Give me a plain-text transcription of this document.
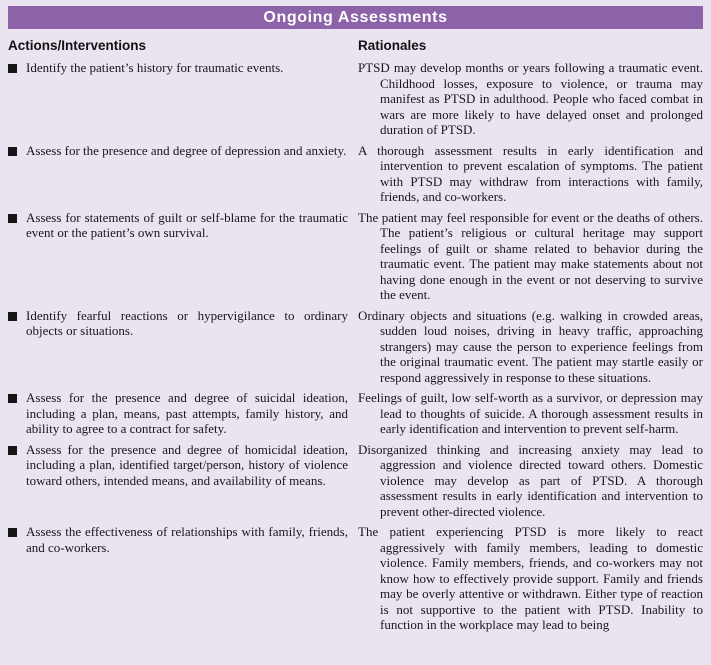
Ongoing Assessments
Actions/Interventions	Rationales

Identify the patient’s history for traumatic events.	PTSD may develop months or years following a traumatic event. Childhood losses, exposure to violence, or trauma may manifest as PTSD in adulthood. People who faced combat in wars are more likely to have delayed onset and prolonged duration of PTSD.

Assess for the presence and degree of depression and anxiety. A thorough assessment results in early identification and intervention to prevent escalation of symptoms. The patient with PTSD may withdraw from interactions with family, friends, and co-workers.

Assess for statements of guilt or self-blame for the traumatic event or the patient’s own survival.

The patient may feel responsible for event or the deaths of others. The patient’s religious or cultural heritage may support feelings of guilt or shame related to behavior during the traumatic event. The patient may make statements about not having done enough in the event or not deserving to survive the event.

Identify fearful reactions or hypervigilance to ordinary objects or situations.

Ordinary objects and situations (e.g. walking in crowded areas, sudden loud noises, driving in heavy traffic, approaching strangers) may cause the person to experience feelings from the original traumatic event. The patient may startle easily or respond aggressively in response to these situations.

Assess for the presence and degree of suicidal ideation, including a plan, means, past attempts, family history, and ability to agree to a contract for safety.

Feelings of guilt, low self-worth as a survivor, or depression may lead to thoughts of suicide. A thorough assessment results in early identification and intervention to prevent self-harm.

Assess for the presence and degree of homicidal ideation, including a plan, identified target/person, history of violence toward others, intended means, and availability of means.

Disorganized thinking and increasing anxiety may lead to aggression and violence directed toward others. Domestic violence may develop as part of PTSD. A thorough assessment results in early identification and intervention to prevent other-directed violence.

Assess the effectiveness of relationships with family, friends, and co-workers.

The patient experiencing PTSD is more likely to react aggressively with family members, leading to domestic violence. Family members, friends, and co-workers may not know how to effectively provide support. Family and friends may be overly attentive or withdrawn. Either type of reaction is not supportive to the patient with PTSD. Inability to function in the workplace may lead to being
